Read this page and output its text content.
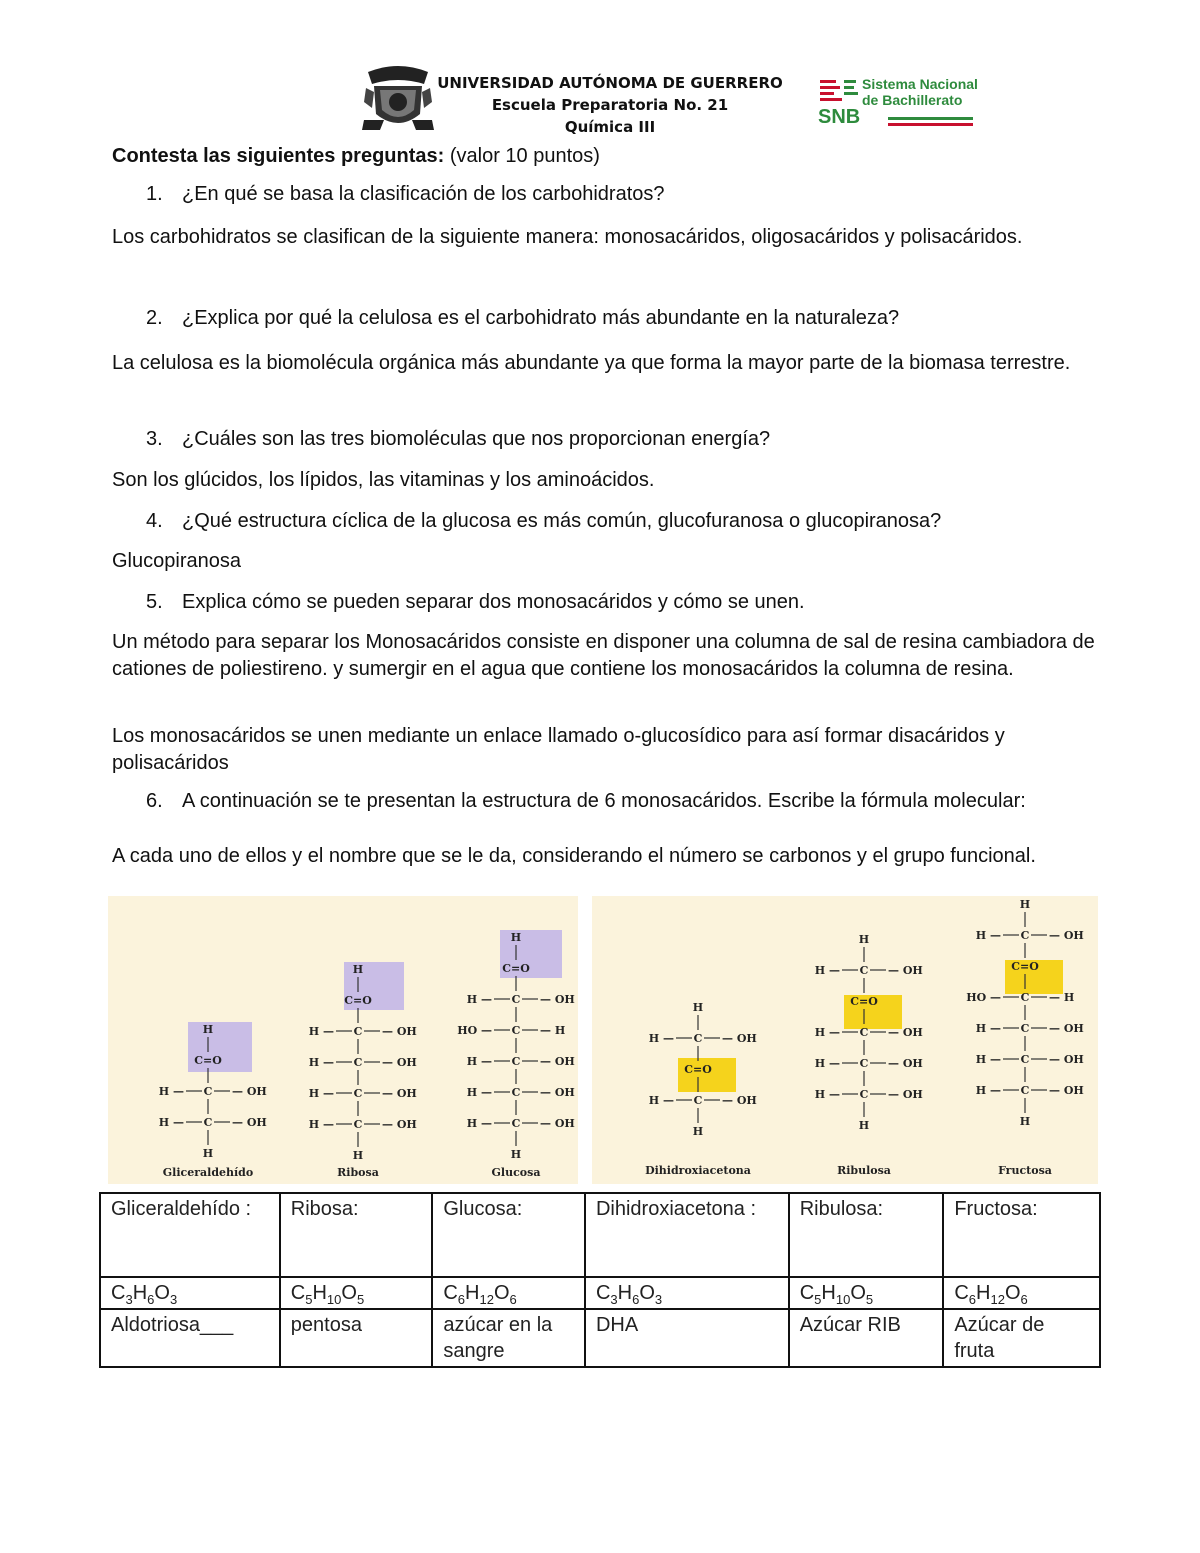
UNIVERSIDAD AUTÓNOMA DE GUERRERO
Escuela Preparatoria No. 21
Química III
Sistema Nacional
de Bachillerato
SNB
Contesta las siguientes preguntas: (valor 10 puntos)
1. ¿En qué se basa la clasificación de los carbohidratos?
Los carbohidratos se clasifican de la siguiente manera: monosacáridos, oligosacáridos y polisacáridos.
2. ¿Explica por qué la celulosa es el carbohidrato más abundante en la naturaleza?
La celulosa es la biomolécula orgánica más abundante ya que forma la mayor parte de la biomasa terrestre.
3. ¿Cuáles son las tres biomoléculas que nos proporcionan energía?
Son los glúcidos, los lípidos, las vitaminas y los aminoácidos.
4. ¿Qué estructura cíclica de la glucosa es más común, glucofuranosa o glucopiranosa?
Glucopiranosa
5. Explica cómo se pueden separar dos monosacáridos y cómo se unen.
Un método para separar los Monosacáridos consiste en disponer una columna de sal de resina cambiadora de cationes de poliestireno. y sumergir en el agua que contiene los monosacáridos la columna de resina.
Los monosacáridos se unen mediante un enlace llamado o-glucosídico para así formar disacáridos y polisacáridos
6. A continuación se te presentan la estructura de 6 monosacáridos. Escribe la fórmula molecular:
A cada uno de ellos y el nombre que se le da, considerando el número se carbonos y el grupo funcional.
H
C=O
C
H —	— OH
C
H —	— OH
H
H
C=O
C
H —	— OH
C
H —	— OH
C
H —	— OH
C
H —	— OH
H
H
C=O
C
H —	— OH
C
HO —	— H
C
H —	— OH
C
H —	— OH
C
H —	— OH
H
H
C
H —	— OH
C=O
C
H —	— OH
H
H
C
H —	— OH
C=O
C
H —	— OH
C
H —	— OH
C
H —	— OH
H
H
C
H —	— OH
C=O
C
HO —	— H
C
H —	— OH
C
H —	— OH
C
H —	— OH
H
Gliceraldehído	Ribosa	Glucosa	Dihidroxiacetona	Ribulosa	Fructosa
Gliceraldehído :	Ribosa:	Glucosa:	Dihidroxiacetona :	Ribulosa:	Fructosa:
$C_3H_6O_3$	$C_5H_{10}O_5$	$C_6H_{12}O_6$	$C_3H_6O_3$	$C_5H_{10}O_5$	$C_6H_{12}O_6$
Aldotriosa___	pentosa	azúcar en la sangre	DHA	Azúcar RIB	Azúcar de fruta
